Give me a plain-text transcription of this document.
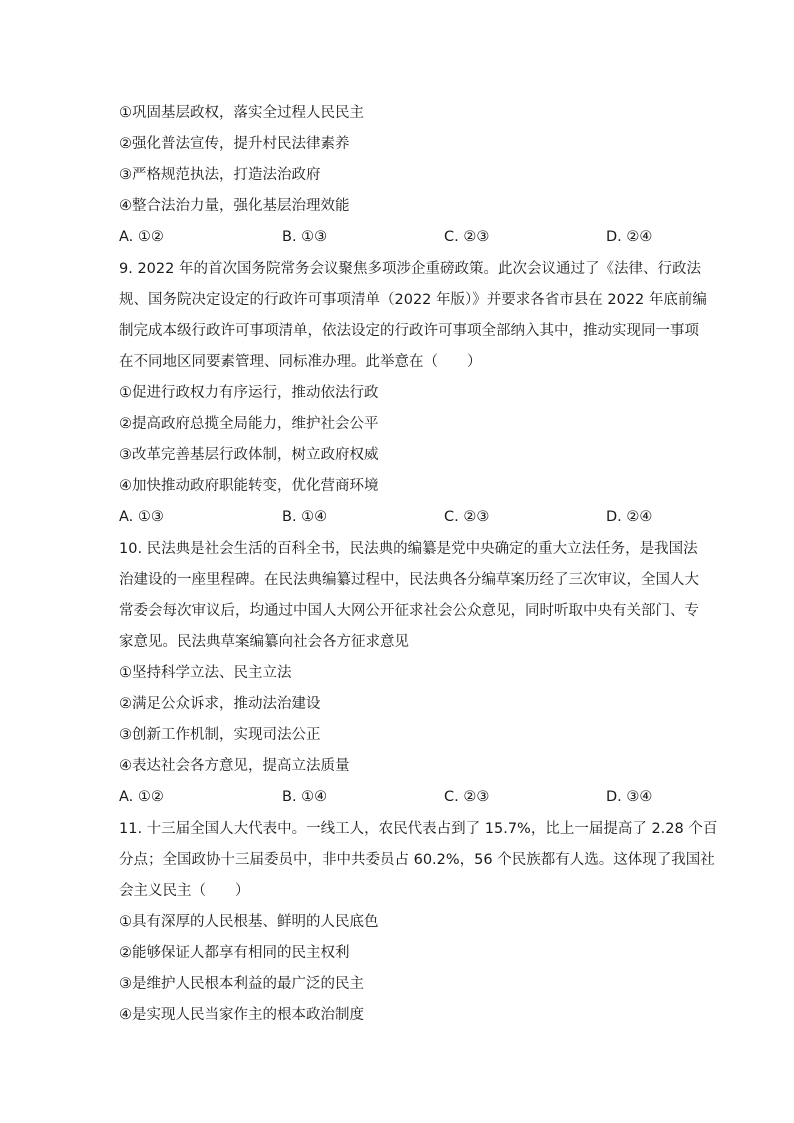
①巩固基层政权，落实全过程人民民主
②强化普法宣传，提升村民法律素养
③严格规范执法，打造法治政府
④整合法治力量，强化基层治理效能
A. ①②	B. ①③	C. ②③	D. ②④
9. 2022 年的首次国务院常务会议聚焦多项涉企重磅政策。此次会议通过了《法律、行政法
规、国务院决定设定的行政许可事项清单（2022 年版）》并要求各省市县在 2022 年底前编
制完成本级行政许可事项清单，依法设定的行政许可事项全部纳入其中，推动实现同一事项
在不同地区同要素管理、同标准办理。此举意在（　　）
①促进行政权力有序运行，推动依法行政
②提高政府总揽全局能力，维护社会公平
③改革完善基层行政体制，树立政府权威
④加快推动政府职能转变，优化营商环境
A. ①③	B. ①④	C. ②③	D. ②④
10. 民法典是社会生活的百科全书，民法典的编纂是党中央确定的重大立法任务，是我国法
治建设的一座里程碑。在民法典编纂过程中，民法典各分编草案历经了三次审议，全国人大
常委会每次审议后，均通过中国人大网公开征求社会公众意见，同时听取中央有关部门、专
家意见。民法典草案编纂向社会各方征求意见
①坚持科学立法、民主立法
②满足公众诉求，推动法治建设
③创新工作机制，实现司法公正
④表达社会各方意见，提高立法质量
A. ①②	B. ①④	C. ②③	D. ③④
11. 十三届全国人大代表中。一线工人，农民代表占到了 15.7%，比上一届提高了 2.28 个百
分点；全国政协十三届委员中，非中共委员占 60.2%，56 个民族都有人选。这体现了我国社
会主义民主（　　）
①具有深厚的人民根基、鲜明的人民底色
②能够保证人都享有相同的民主权利
③是维护人民根本利益的最广泛的民主
④是实现人民当家作主的根本政治制度
